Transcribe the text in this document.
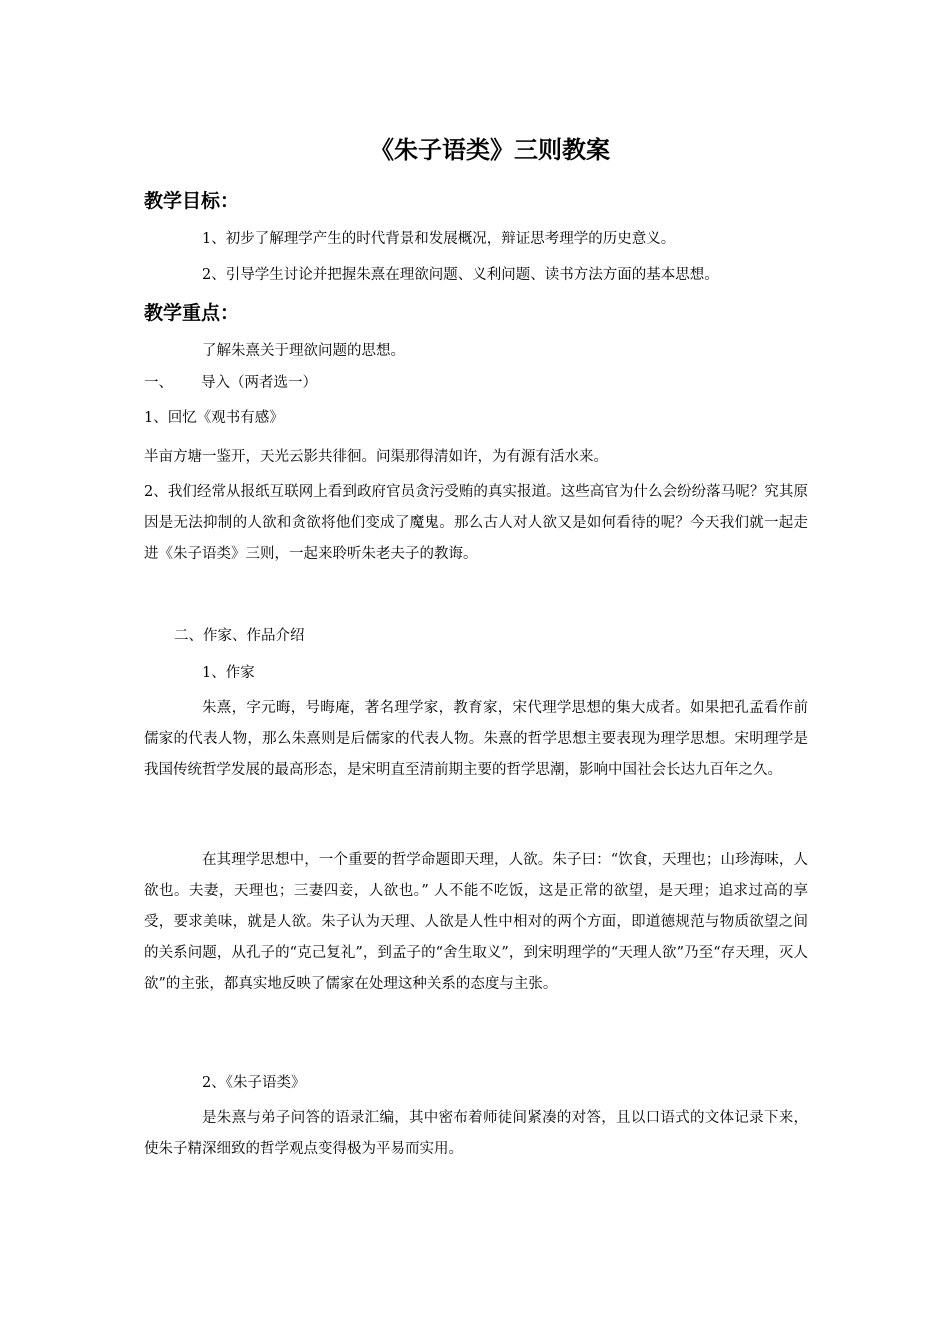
《朱子语类》三则教案
教学目标：
1、初步了解理学产生的时代背景和发展概况，辩证思考理学的历史意义。
2、引导学生讨论并把握朱熹在理欲问题、义利问题、读书方法方面的基本思想。
教学重点：
了解朱熹关于理欲问题的思想。
一、 导入（两者选一）
1、回忆《观书有感》
半亩方塘一鉴开，天光云影共徘徊。问渠那得清如许，为有源有活水来。
2、我们经常从报纸互联网上看到政府官员贪污受贿的真实报道。这些高官为什么会纷纷落马呢？究其原因是无法抑制的人欲和贪欲将他们变成了魔鬼。那么古人对人欲又是如何看待的呢？今天我们就一起走进《朱子语类》三则，一起来聆听朱老夫子的教诲。
二、作家、作品介绍
1、作家
朱熹，字元晦，号晦庵，著名理学家，教育家，宋代理学思想的集大成者。如果把孔孟看作前儒家的代表人物，那么朱熹则是后儒家的代表人物。朱熹的哲学思想主要表现为理学思想。宋明理学是我国传统哲学发展的最高形态，是宋明直至清前期主要的哲学思潮，影响中国社会长达九百年之久。
在其理学思想中，一个重要的哲学命题即天理，人欲。朱子曰：“饮食，天理也；山珍海味，人欲也。夫妻，天理也；三妻四妾，人欲也。” 人不能不吃饭，这是正常的欲望，是天理；追求过高的享受，要求美味，就是人欲。朱子认为天理、人欲是人性中相对的两个方面，即道德规范与物质欲望之间的关系问题，从孔子的“克己复礼”，到孟子的“舍生取义”，到宋明理学的“天理人欲”乃至“存天理，灭人欲”的主张，都真实地反映了儒家在处理这种关系的态度与主张。
2、《朱子语类》
是朱熹与弟子问答的语录汇编，其中密布着师徒间紧凑的对答，且以口语式的文体记录下来，使朱子精深细致的哲学观点变得极为平易而实用。
